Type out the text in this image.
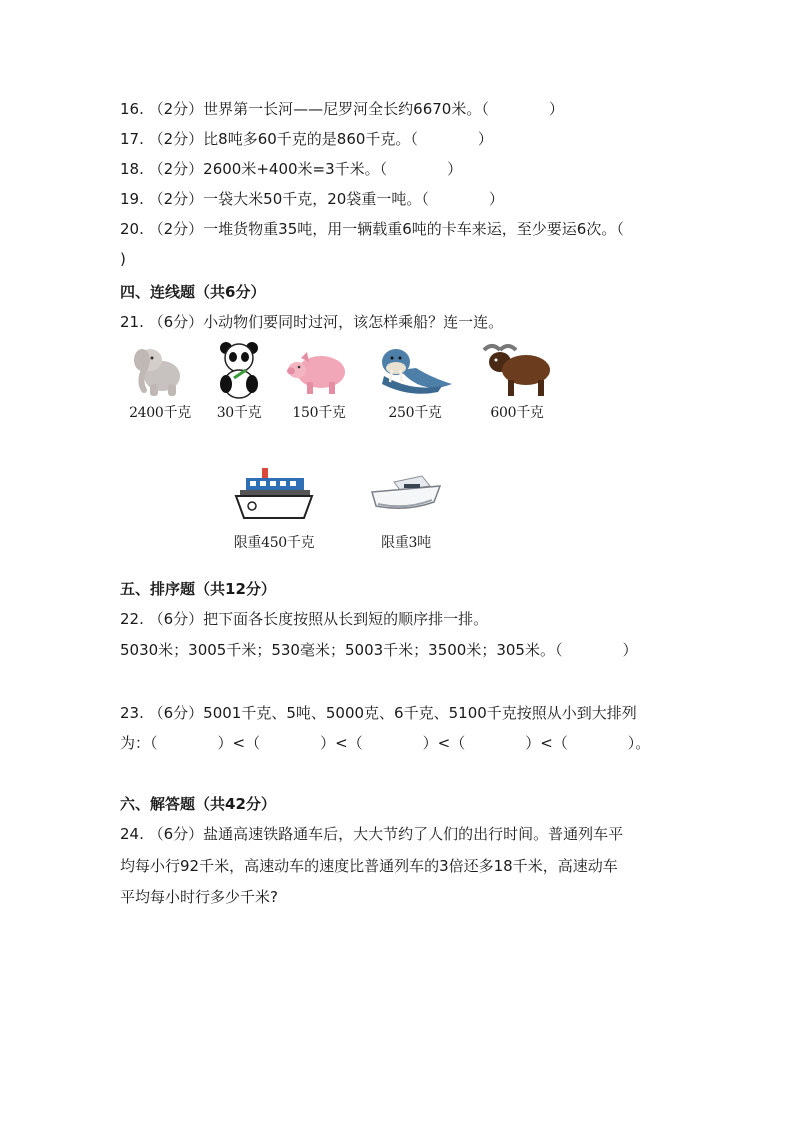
16. （2分）世界第一长河——尼罗河全长约6670米。（　　　　）
17. （2分）比8吨多60千克的是860千克。（　　　　）
18. （2分）2600米+400米=3千米。（　　　　）
19. （2分）一袋大米50千克，20袋重一吨。（　　　　）
20. （2分）一堆货物重35吨，用一辆载重6吨的卡车来运，至少要运6次。（
)
四、连线题（共6分）
21. （6分）小动物们要同时过河，该怎样乘船？连一连。
2400千克	30千克	150千克	250千克	600千克
限重450千克	限重3吨
五、排序题（共12分）
22. （6分）把下面各长度按照从长到短的顺序排一排。
5030米；3005千米；530毫米；5003千米；3500米；305米。（　　　　）
23. （6分）5001千克、5吨、5000克、6千克、5100千克按照从小到大排列
为：（　　　　）<（　　　　）<（　　　　）<（　　　　）<（　　　　）。
六、解答题（共42分）
24. （6分）盐通高速铁路通车后，大大节约了人们的出行时间。普通列车平
均每小行92千米，高速动车的速度比普通列车的3倍还多18千米，高速动车
平均每小时行多少千米?
